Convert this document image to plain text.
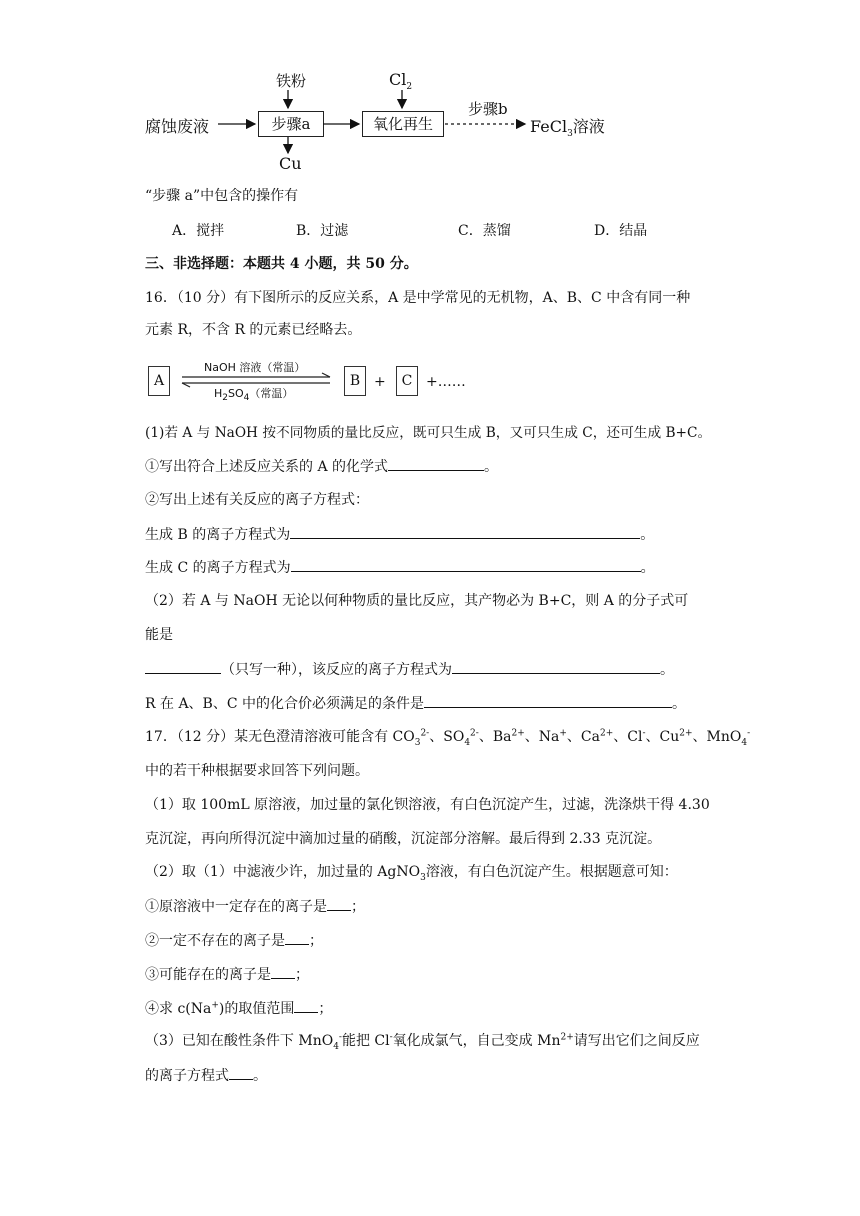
腐蚀废液
铁粉
步骤a
Cu
$Cl_2$
氧化再生
步骤b
FeCl$_3$溶液
“步骤 a”中包含的操作有
A．搅拌	B．过滤	C．蒸馏	D．结晶
三、非选择题：本题共 4 小题，共 50 分。
16．（10 分）有下图所示的反应关系，A 是中学常见的无机物，A、B、C 中含有同一种
元素 R，不含 R 的元素已经略去。
A
NaOH 溶液（常温）
$H_2SO_4$（常温）
B +	C +……
(1)若 A 与 NaOH 按不同物质的量比反应，既可只生成 B，又可只生成 C，还可生成 B+C。
①写出符合上述反应关系的 A 的化学式	。
②写出上述有关反应的离子方程式：
生成 B 的离子方程式为	。
生成 C 的离子方程式为	。
（2）若 A 与 NaOH 无论以何种物质的量比反应，其产物必为 B+C，则 A 的分子式可
能是
（只写一种），该反应的离子方程式为	。
R 在 A、B、C 中的化合价必须满足的条件是	。
17．（12 分）某无色澄清溶液可能含有 $CO_3^{2-}$、$SO_4^{2-}$、$Ba^{2+}$、Na+、$Ca^{2+}$、Cl-、$Cu^{2+}$、MnO$_4$-
中的若干种根据要求回答下列问题。
（1）取 100mL 原溶液，加过量的氯化钡溶液，有白色沉淀产生，过滤，洗涤烘干得 4.30
克沉淀，再向所得沉淀中滴加过量的硝酸，沉淀部分溶解。最后得到 2.33 克沉淀。
（2）取（1）中滤液少许，加过量的 AgNO$_3$溶液，有白色沉淀产生。根据题意可知：
①原溶液中一定存在的离子是 ；
②一定不存在的离子是 ；
③可能存在的离子是 ；
④求 c(Na+)的取值范围 ；
（3）已知在酸性条件下 MnO$_4$-能把 Cl-氧化成氯气，自己变成 $Mn^{2+}$请写出它们之间反应
的离子方程式 。
